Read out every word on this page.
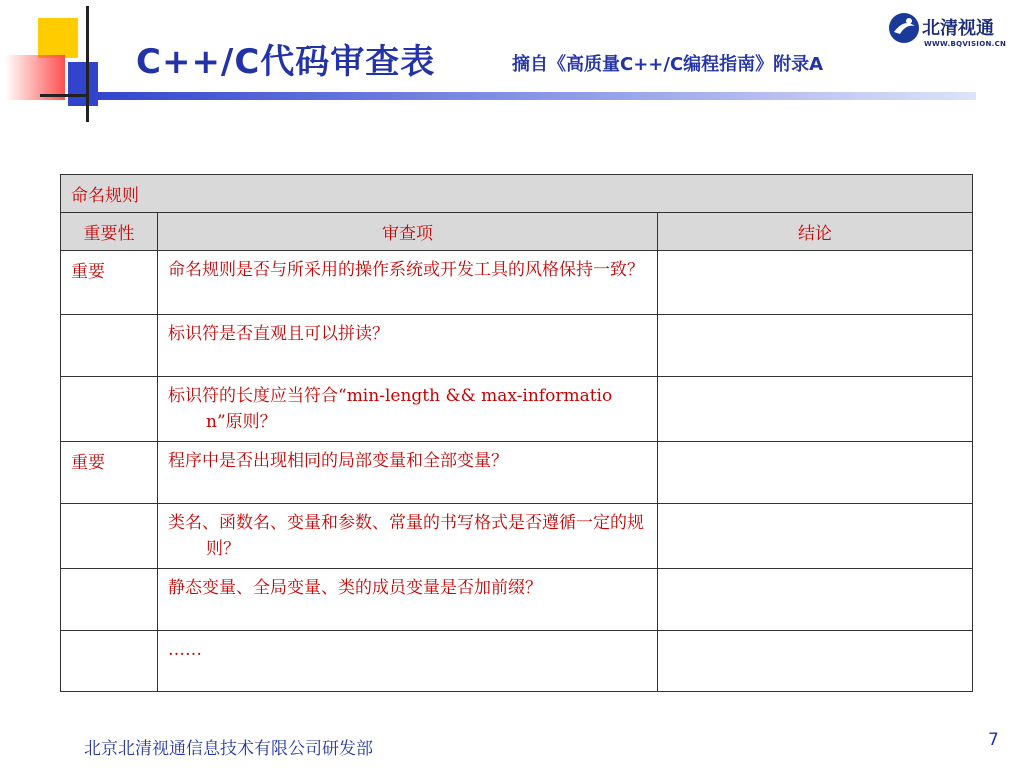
C++/C代码审查表	摘自《高质量C++/C编程指南》附录A
北清视通
WWW.BQVISION.CN
命名规则		
重要性	审查项	结论
重要	命名规则是否与所采用的操作系统或开发工具的风格保持一致？	

	标识符是否直观且可以拼读？	

	标识符的长度应当符合“min-length && max-information”原则？	

重要	程序中是否出现相同的局部变量和全部变量？	

	类名、函数名、变量和参数、常量的书写格式是否遵循一定的规则？	

	静态变量、全局变量、类的成员变量是否加前缀？	

	……	

北京北清视通信息技术有限公司研发部	7
